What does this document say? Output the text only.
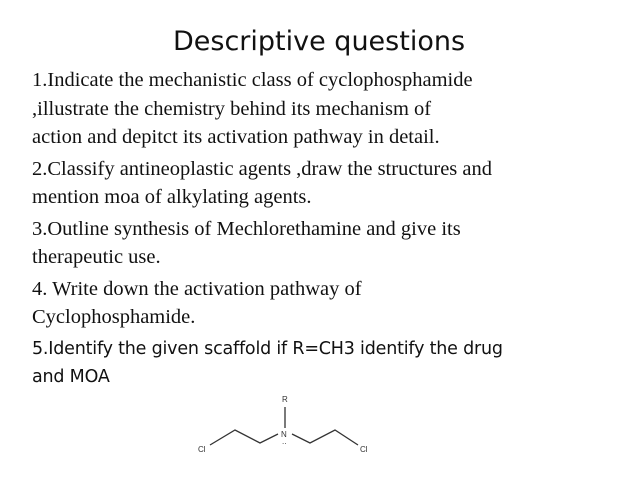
Descriptive questions
1.Indicate the mechanistic class of cyclophosphamide
,illustrate the chemistry behind its mechanism of
action and depitct its activation pathway in detail.
2.Classify antineoplastic agents ,draw the structures and
mention moa of alkylating agents.
3.Outline synthesis of Mechlorethamine and give its
therapeutic use.
4. Write down the activation pathway of
Cyclophosphamide.
5.Identify the given scaffold if R=CH3 identify the drug
and MOA
R
N
..
Cl	Cl
